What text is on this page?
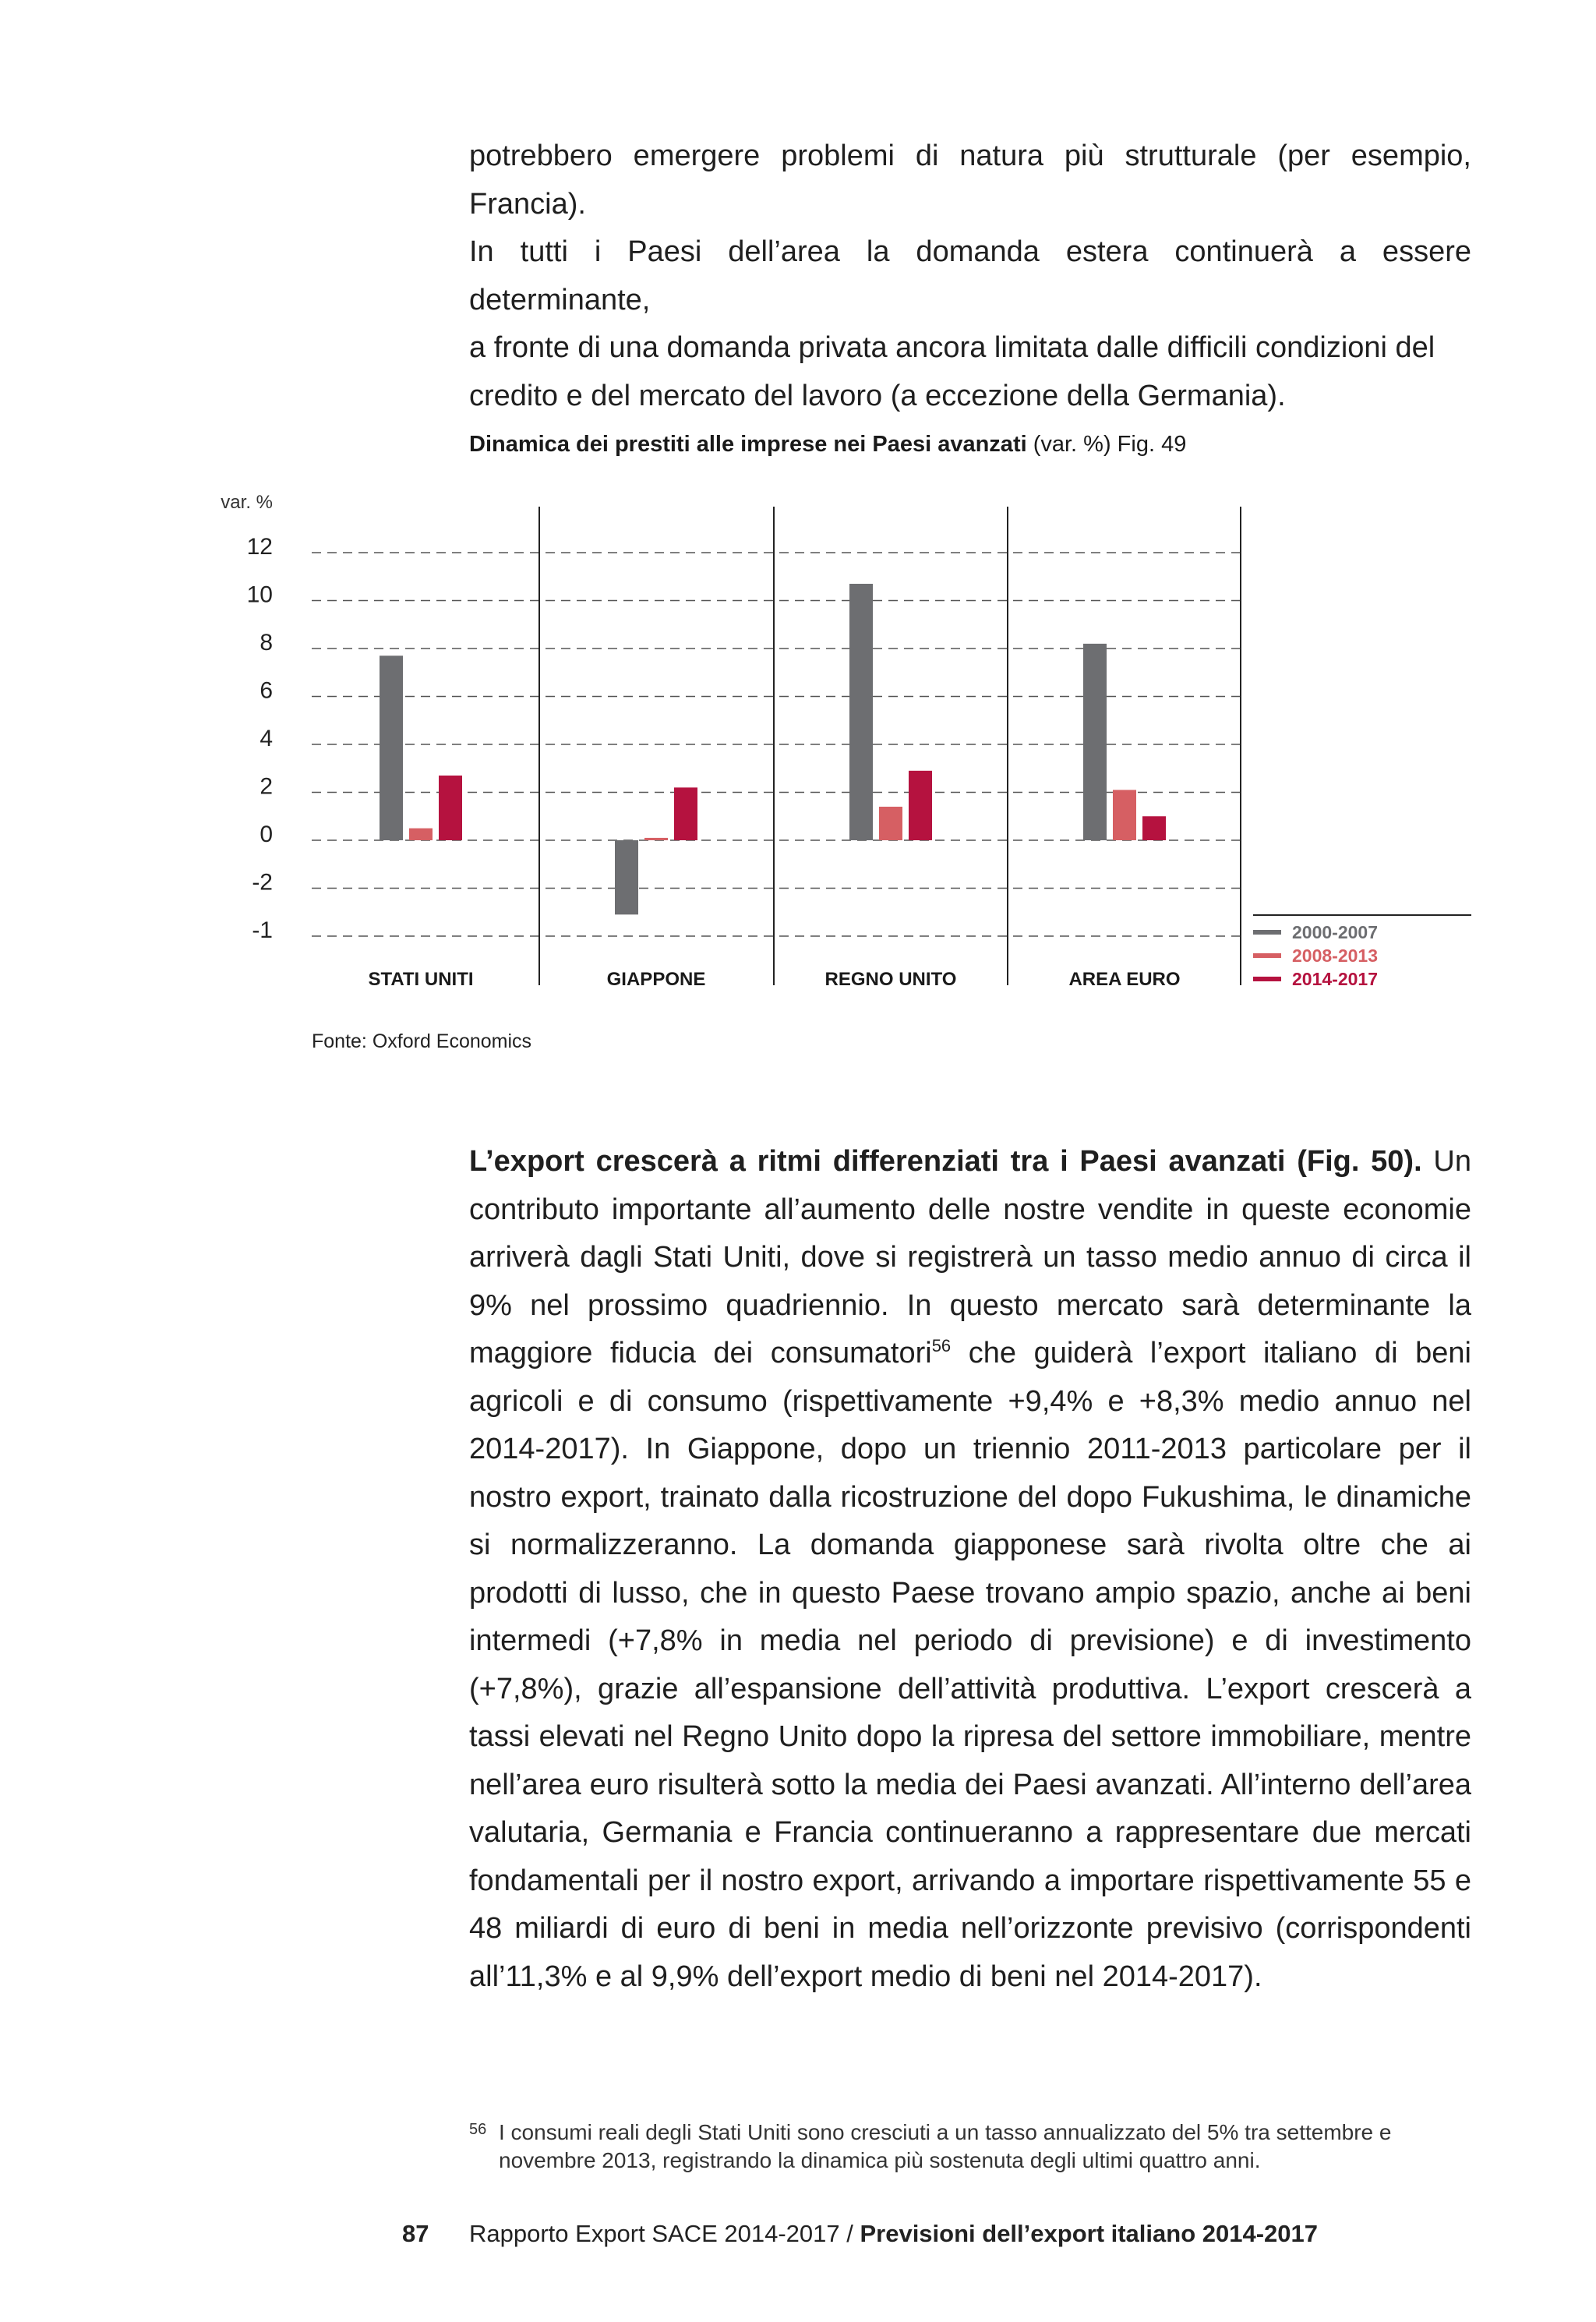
potrebbero emergere problemi di natura più strutturale (per esempio, Francia).
In tutti i Paesi dell’area la domanda estera continuerà a essere determinante,
a fronte di una domanda privata ancora limitata dalle difficili condizioni del
credito e del mercato del lavoro (a eccezione della Germania).

Dinamica dei prestiti alle imprese nei Paesi avanzati (var. %) Fig. 49
var. %
12
10
8
6
4
2
0
-2
-1
STATI UNITI	GIAPPONE	REGNO UNITO	AREA EURO
2000-2007
2008-2013
2014-2017
Fonte: Oxford Economics

L’export crescerà a ritmi differenziati tra i Paesi avanzati (Fig. 50). Un contributo importante all’aumento delle nostre vendite in queste economie arriverà dagli Stati Uniti, dove si registrerà un tasso medio annuo di circa il 9% nel prossimo quadriennio. In questo mercato sarà determinante la maggiore fiducia dei consumatori$^{56}$ che guiderà l’export italiano di beni agricoli e di consumo (rispettivamente +9,4% e +8,3% medio annuo nel 2014-2017). In Giappone, dopo un triennio 2011-2013 particolare per il nostro export, trainato dalla ricostruzione del dopo Fukushima, le dinamiche si normalizzeranno. La domanda giapponese sarà rivolta oltre che ai prodotti di lusso, che in questo Paese trovano ampio spazio, anche ai beni intermedi (+7,8% in media nel periodo di previsione) e di investimento (+7,8%), grazie all’espansione dell’attività produttiva. L’export crescerà a tassi elevati nel Regno Unito dopo la ripresa del settore immobiliare, mentre nell’area euro risulterà sotto la media dei Paesi avanzati. All’interno dell’area valutaria, Germania e Francia continueranno a rappresentare due mercati fondamentali per il nostro export, arrivando a importare rispettivamente 55 e 48 miliardi di euro di beni in media nell’orizzonte previsivo (corrispondenti all’11,3% e al 9,9% dell’export medio di beni nel 2014-2017).

56 I consumi reali degli Stati Uniti sono cresciuti a un tasso annualizzato del 5% tra settembre e novembre 2013, registrando la dinamica più sostenuta degli ultimi quattro anni.
87 Rapporto Export SACE 2014-2017 / Previsioni dell’export italiano 2014-2017
